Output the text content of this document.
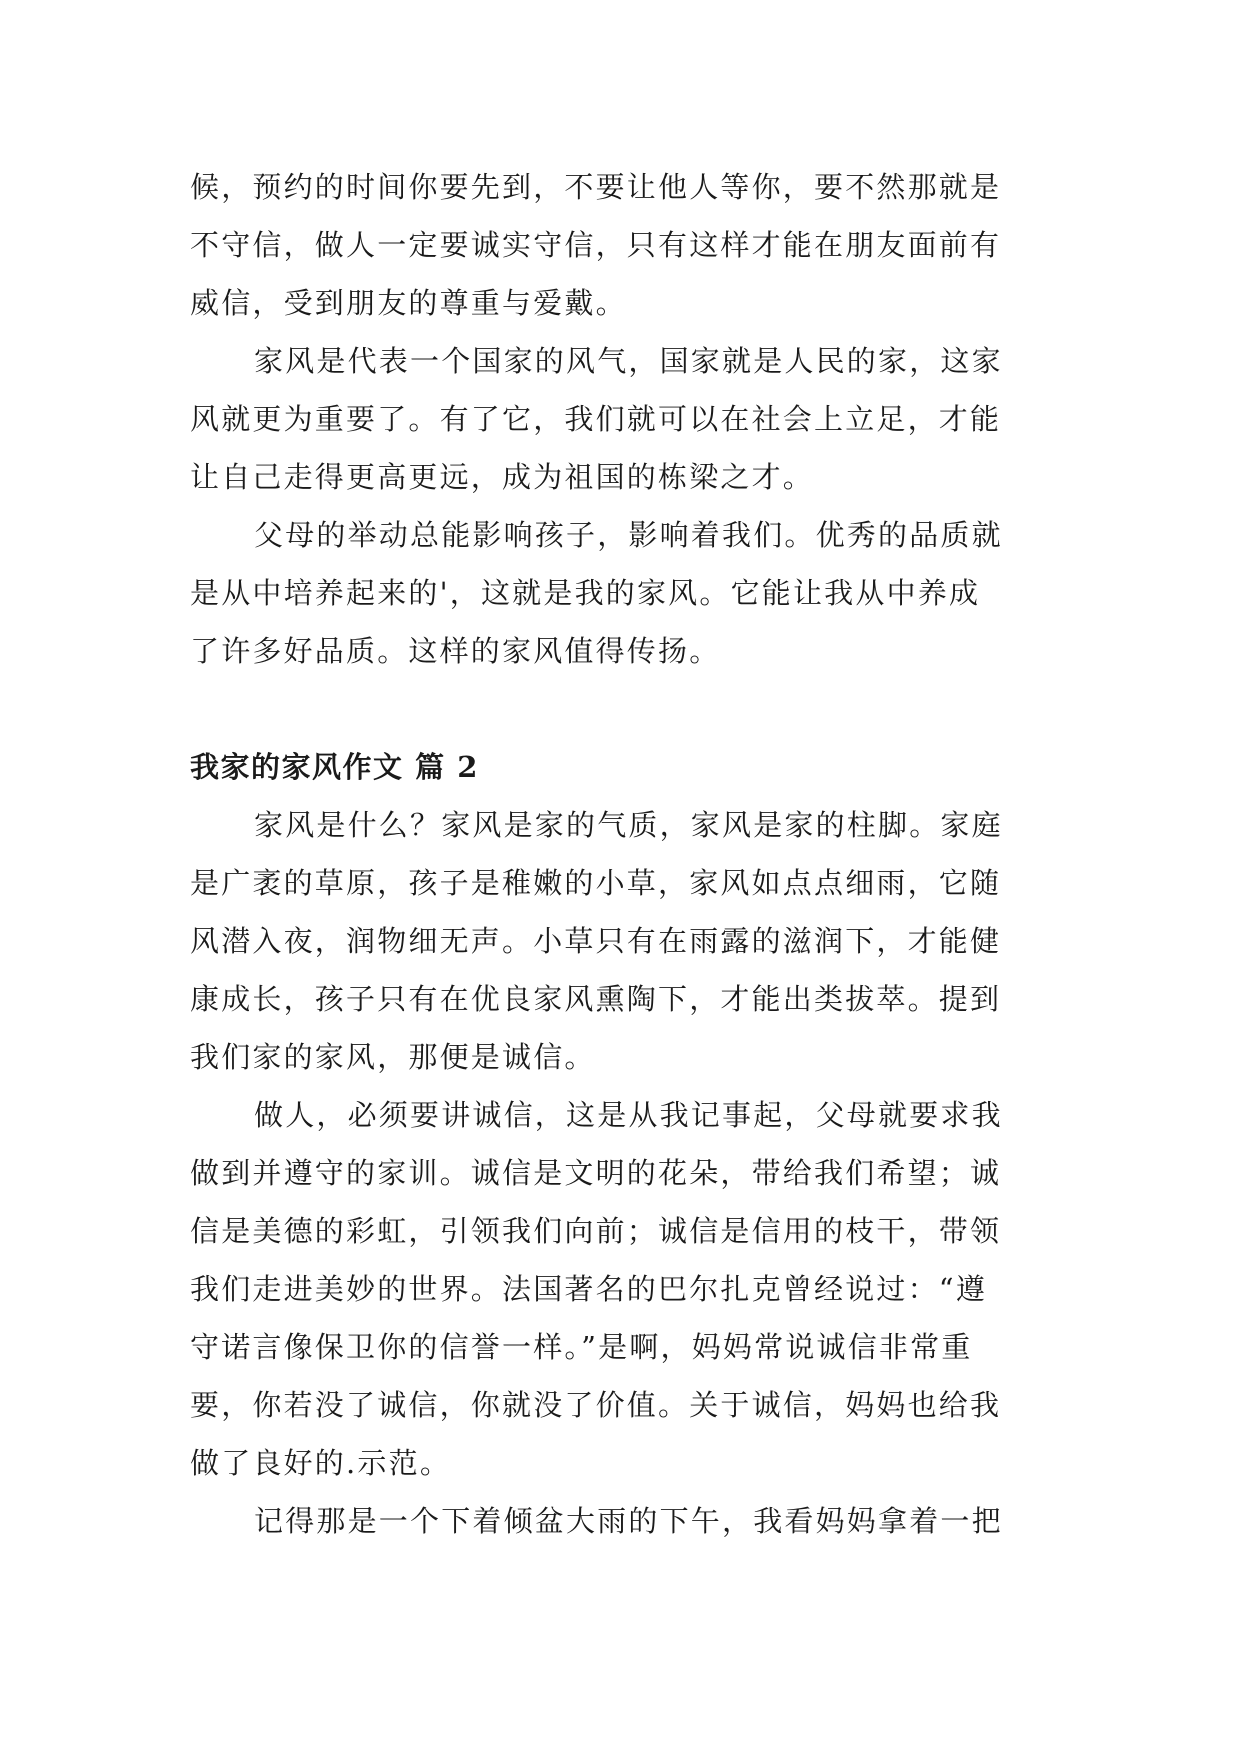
候，预约的时间你要先到，不要让他人等你，要不然那就是
不守信，做人一定要诚实守信，只有这样才能在朋友面前有
威信，受到朋友的尊重与爱戴。

家风是代表一个国家的风气，国家就是人民的家，这家
风就更为重要了。有了它，我们就可以在社会上立足，才能
让自己走得更高更远，成为祖国的栋梁之才。

父母的举动总能影响孩子，影响着我们。优秀的品质就
是从中培养起来的'，这就是我的家风。它能让我从中养成
了许多好品质。这样的家风值得传扬。

我家的家风作文 篇 2

家风是什么？家风是家的气质，家风是家的柱脚。家庭
是广袤的草原，孩子是稚嫩的小草，家风如点点细雨，它随
风潜入夜，润物细无声。小草只有在雨露的滋润下，才能健
康成长，孩子只有在优良家风熏陶下，才能出类拔萃。提到
我们家的家风，那便是诚信。

做人，必须要讲诚信，这是从我记事起，父母就要求我
做到并遵守的家训。诚信是文明的花朵，带给我们希望；诚
信是美德的彩虹，引领我们向前；诚信是信用的枝干，带领
我们走进美妙的世界。法国著名的巴尔扎克曾经说过：“遵
守诺言像保卫你的信誉一样。”是啊，妈妈常说诚信非常重
要，你若没了诚信，你就没了价值。关于诚信，妈妈也给我
做了良好的.示范。

记得那是一个下着倾盆大雨的下午，我看妈妈拿着一把
